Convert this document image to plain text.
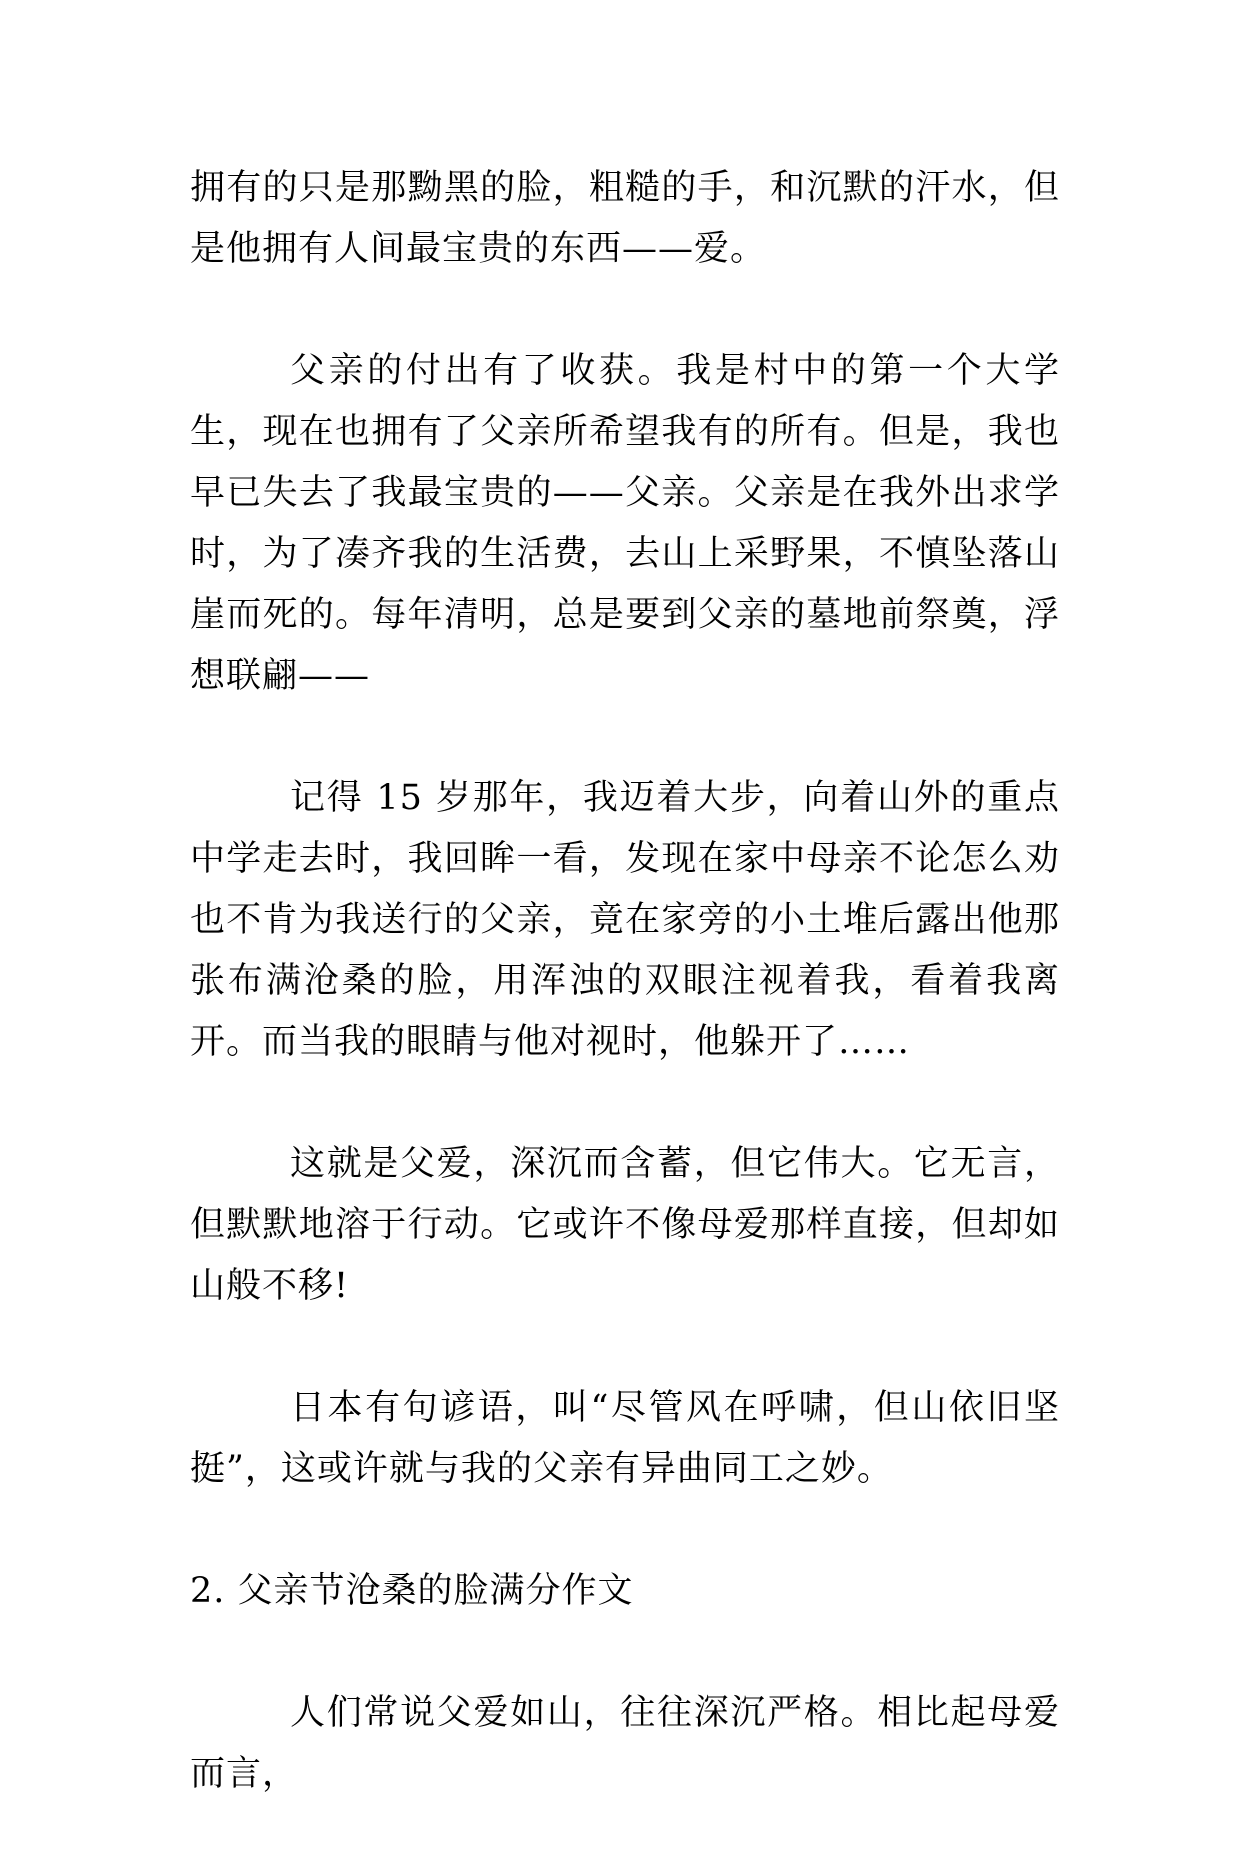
拥有的只是那黝黑的脸，粗糙的手，和沉默的汗水，但是他拥有人间最宝贵的东西——爱。

父亲的付出有了收获。我是村中的第一个大学生，现在也拥有了父亲所希望我有的所有。但是，我也早已失去了我最宝贵的——父亲。父亲是在我外出求学时，为了凑齐我的生活费，去山上采野果，不慎坠落山崖而死的。每年清明，总是要到父亲的墓地前祭奠，浮想联翩——

记得 15 岁那年，我迈着大步，向着山外的重点中学走去时，我回眸一看，发现在家中母亲不论怎么劝也不肯为我送行的父亲，竟在家旁的小土堆后露出他那张布满沧桑的脸，用浑浊的双眼注视着我，看着我离开。而当我的眼睛与他对视时，他躲开了……

这就是父爱，深沉而含蓄，但它伟大。它无言，但默默地溶于行动。它或许不像母爱那样直接，但却如山般不移!

日本有句谚语，叫“尽管风在呼啸，但山依旧坚挺”，这或许就与我的父亲有异曲同工之妙。

2. 父亲节沧桑的脸满分作文

人们常说父爱如山，往往深沉严格。相比起母爱而言，
